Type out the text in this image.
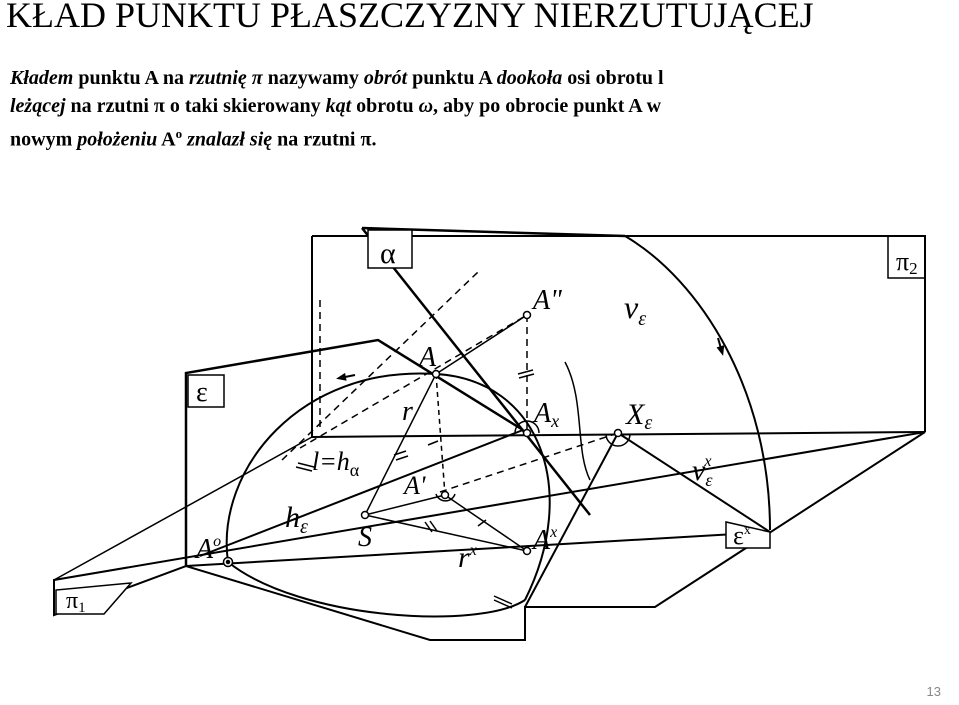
KŁAD PUNKTU PŁASZCZYZNY NIERZUTUJĄCEJ

Kładem punktu A na rzutnię π nazywamy obrót punktu A dookoła osi obrotu l

leżącej na rzutni π o taki skierowany kąt obrotu ω, aby po obrocie punkt A w

nowym położeniu $A^o$ znalazł się na rzutni π.

α	π2
π1
ε
A" $v_\varepsilon$
A
r	Ax Xε
$l=h_\alpha$
A'	$v_\varepsilon x$
$h_\varepsilon$
$A^o$	S
$r^x$ $A^x$	$\varepsilon^x$
13
